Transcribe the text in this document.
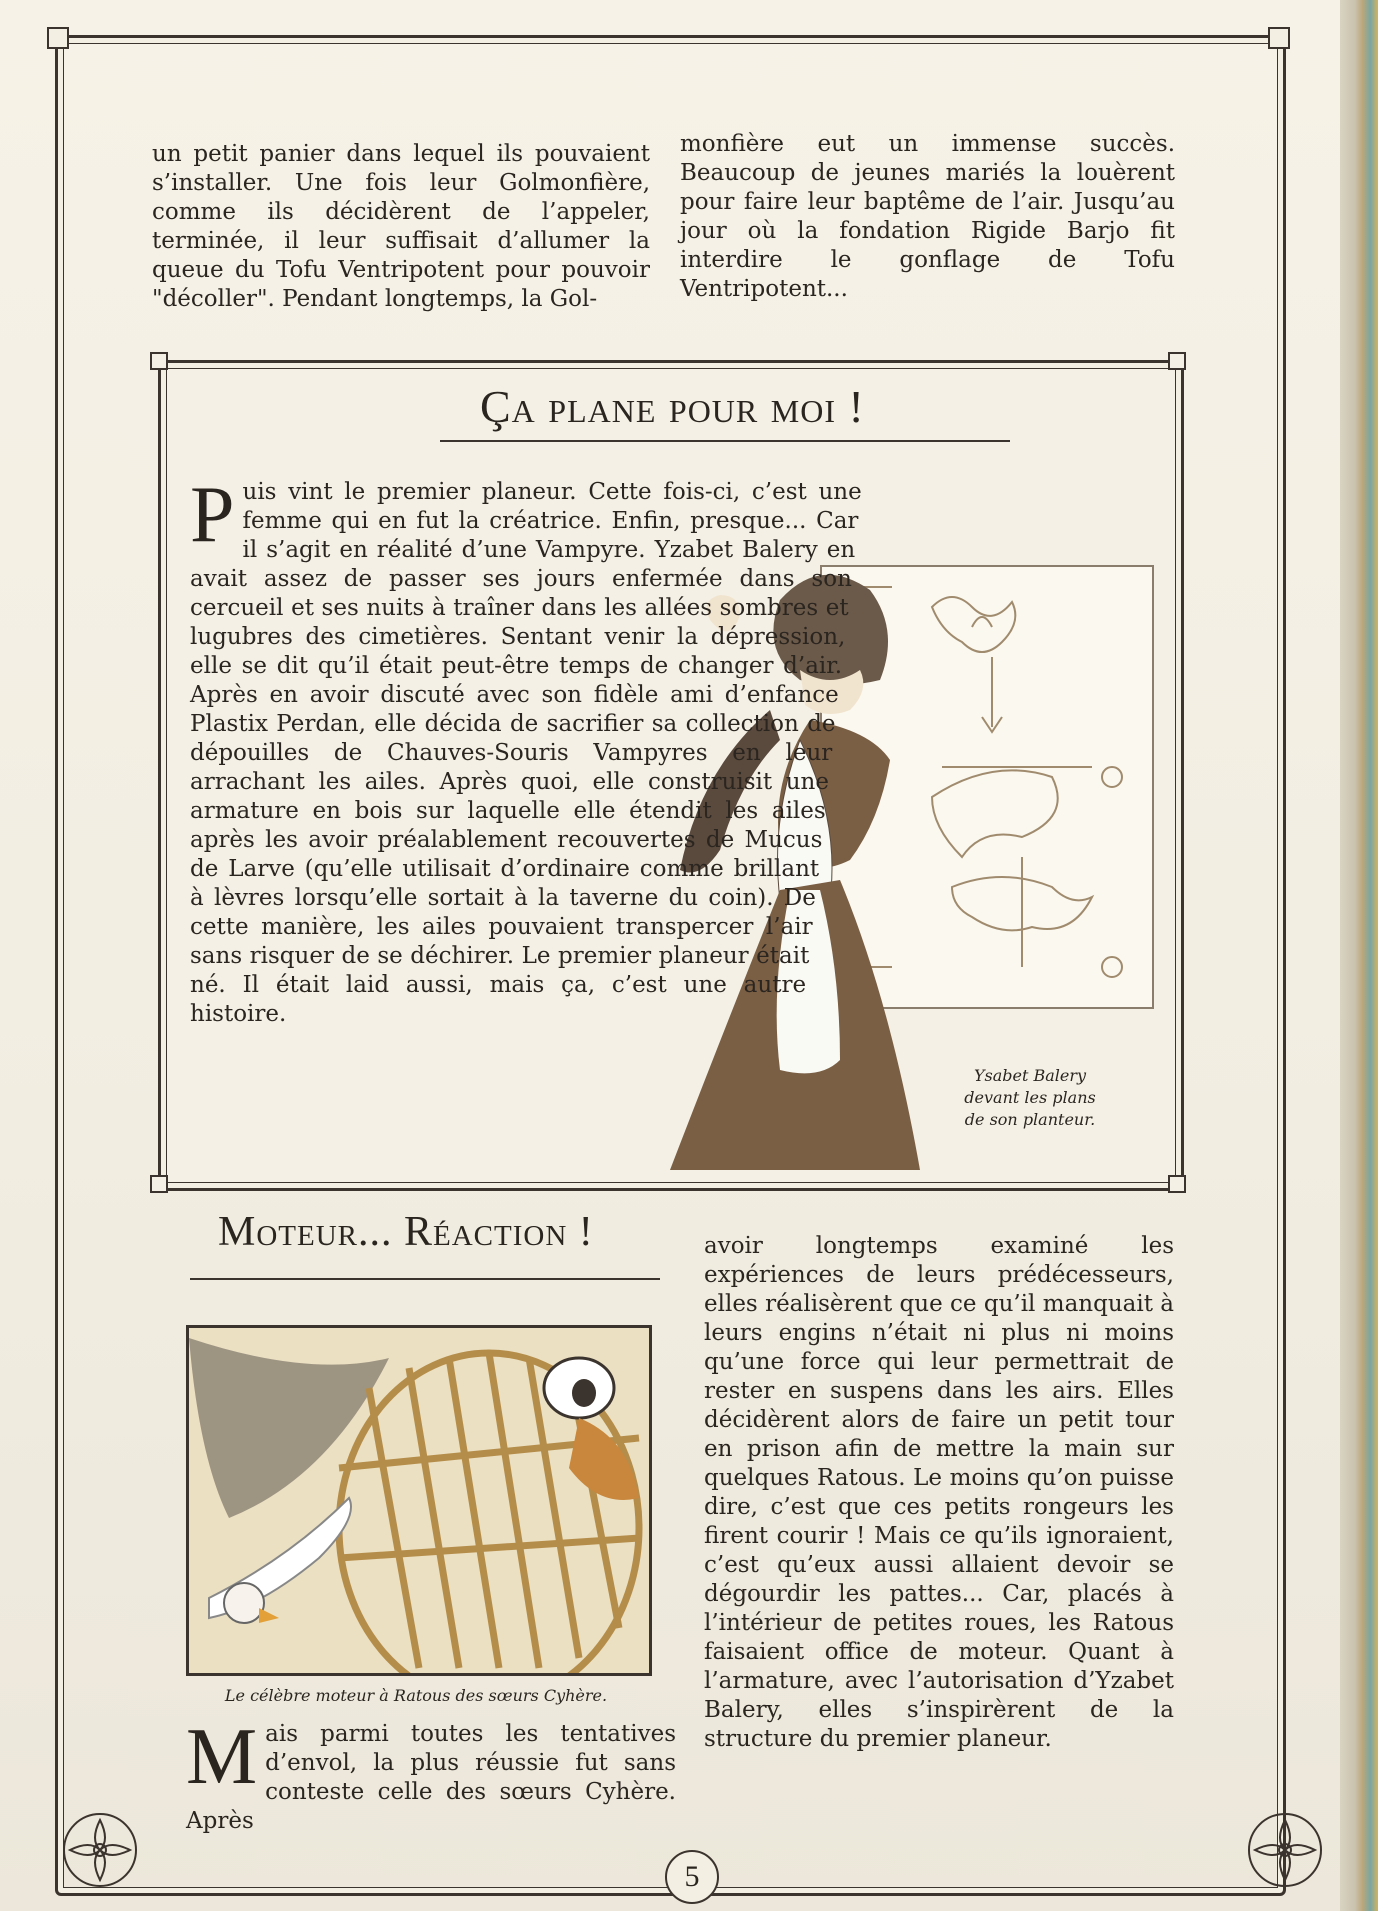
un petit panier dans lequel ils pouvaient s’installer. Une fois leur Golmonfière, comme ils décidèrent de l’appeler, terminée, il leur suffisait d’allumer la queue du Tofu Ventripotent pour pouvoir "décoller". Pendant longtemps, la Gol-

monfière eut un immense succès. Beaucoup de jeunes mariés la louèrent pour faire leur baptême de l’air. Jusqu’au jour où la fondation Rigide Barjo fit interdire le gonflage de Tofu Ventripotent...

Ça plane pour moi !
P uis vint le premier planeur. Cette fois-ci, c’est une femme qui en fut la créatrice. Enfin, presque... Car il s’agit en réalité d’une Vampyre. Yzabet Balery en avait assez de passer ses jours enfermée dans son cercueil et ses nuits à traîner dans les allées sombres et lugubres des cimetières. Sentant venir la dépression, elle se dit qu’il était peut-être temps de changer d’air. Après en avoir discuté avec son fidèle ami d’enfance Plastix Perdan, elle décida de sacrifier sa collection de dépouilles de Chauves-Souris Vampyres en leur arrachant les ailes. Après quoi, elle construisit une armature en bois sur laquelle elle étendit les ailes après les avoir préalablement recouvertes de Mucus de Larve (qu’elle utilisait d’ordinaire comme brillant à lèvres lorsqu’elle sortait à la taverne du coin). De cette manière, les ailes pouvaient transpercer l’air sans risquer de se déchirer. Le premier planeur était né. Il était laid aussi, mais ça, c’est une autre histoire.
Ysabet Balery
devant les plans
de son planteur.
Moteur... Réaction !
Le célèbre moteur à Ratous des sœurs Cyhère.
M ais parmi toutes les tentatives d’envol, la plus réussie fut sans conteste celle des sœurs Cyhère. Après
avoir longtemps examiné les expériences de leurs prédécesseurs, elles réalisèrent que ce qu’il manquait à leurs engins n’était ni plus ni moins qu’une force qui leur permettrait de rester en suspens dans les airs. Elles décidèrent alors de faire un petit tour en prison afin de mettre la main sur quelques Ratous. Le moins qu’on puisse dire, c’est que ces petits rongeurs les firent courir ! Mais ce qu’ils ignoraient, c’est qu’eux aussi allaient devoir se dégourdir les pattes... Car, placés à l’intérieur de petites roues, les Ratous faisaient office de moteur. Quant à l’armature, avec l’autorisation d’Yzabet Balery, elles s’inspirèrent de la structure du premier planeur.
5
